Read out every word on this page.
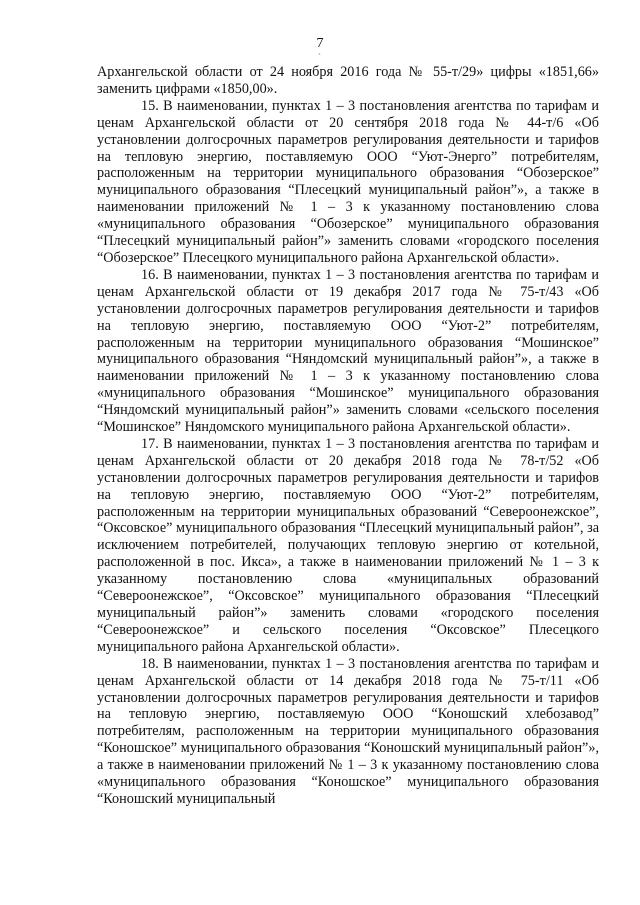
7
ˋ

Архангельской области от 24 ноября 2016 года № 55-т/29» цифры «1851,66» заменить цифрами «1850,00».

15. В наименовании, пунктах 1 – 3 постановления агентства по тарифам и ценам Архангельской области от 20 сентября 2018 года № 44-т/6 «Об установлении долгосрочных параметров регулирования деятельности и тарифов на тепловую энергию, поставляемую ООО “Уют-Энерго” потребителям, расположенным на территории муниципального образования “Обозерское” муниципального образования “Плесецкий муниципальный район”», а также в наименовании приложений № 1 – 3 к указанному постановлению слова «муниципального образования “Обозерское” муниципального образования “Плесецкий муниципальный район”» заменить словами «городского поселения “Обозерское” Плесецкого муниципального района Архангельской области».

16. В наименовании, пунктах 1 – 3 постановления агентства по тарифам и ценам Архангельской области от 19 декабря 2017 года № 75-т/43 «Об установлении долгосрочных параметров регулирования деятельности и тарифов на тепловую энергию, поставляемую ООО “Уют-2” потребителям, расположенным на территории муниципального образования “Мошинское” муниципального образования “Няндомский муниципальный район”», а также в наименовании приложений № 1 – 3 к указанному постановлению слова «муниципального образования “Мошинское” муниципального образования “Няндомский муниципальный район”» заменить словами «сельского поселения “Мошинское” Няндомского муниципального района Архангельской области».

17. В наименовании, пунктах 1 – 3 постановления агентства по тарифам и ценам Архангельской области от 20 декабря 2018 года № 78-т/52 «Об установлении долгосрочных параметров регулирования деятельности и тарифов на тепловую энергию, поставляемую ООО “Уют-2” потребителям, расположенным на территории муниципальных образований “Североонежское”, “Оксовское” муниципального образования “Плесецкий муниципальный район”, за исключением потребителей, получающих тепловую энергию от котельной, расположенной в пос. Икса», а также в наименовании приложений № 1 – 3 к указанному постановлению слова «муниципальных образований “Североонежское”, “Оксовское” муниципального образования “Плесецкий муниципальный район”» заменить словами «городского поселения “Североонежское” и сельского поселения “Оксовское” Плесецкого муниципального района Архангельской области».

18. В наименовании, пунктах 1 – 3 постановления агентства по тарифам и ценам Архангельской области от 14 декабря 2018 года № 75-т/11 «Об установлении долгосрочных параметров регулирования деятельности и тарифов на тепловую энергию, поставляемую ООО “Коношский хлебозавод” потребителям, расположенным на территории муниципального образования “Коношское” муниципального образования “Коношский муниципальный район”», а также в наименовании приложений № 1 – 3 к указанному постановлению слова «муниципального образования “Коношское” муниципального образования “Коношский муниципальный
